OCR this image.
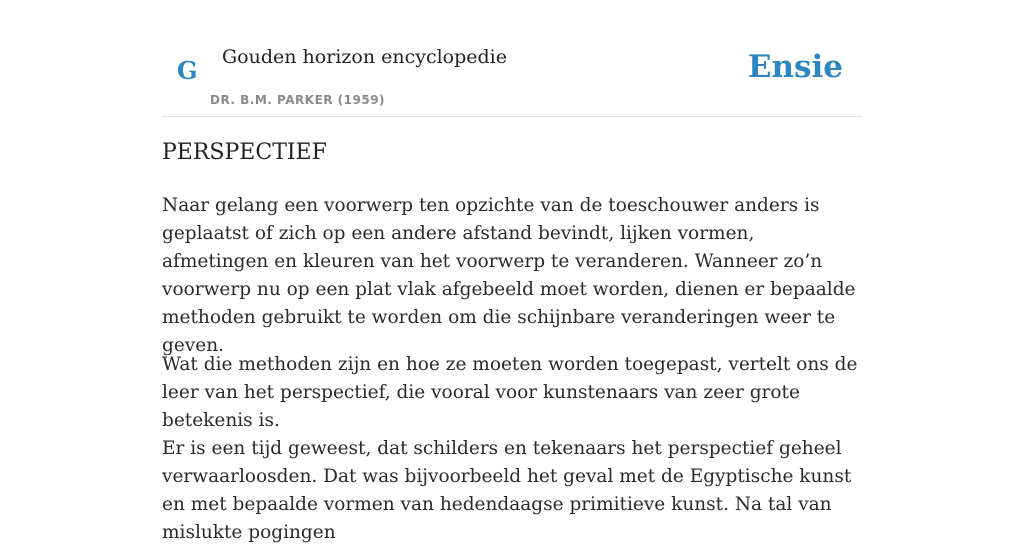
G Gouden horizon encyclopedie
DR. B.M. PARKER (1959)
Ensie
PERSPECTIEF

Naar gelang een voorwerp ten opzichte van de toeschouwer anders is geplaatst of zich op een andere afstand bevindt, lijken vormen, afmetingen en kleuren van het voorwerp te veranderen. Wanneer zo’n voorwerp nu op een plat vlak afgebeeld moet worden, dienen er bepaalde methoden gebruikt te worden om die schijnbare veranderingen weer te geven.

Wat die methoden zijn en hoe ze moeten worden toegepast, vertelt ons de leer van het perspectief, die vooral voor kunstenaars van zeer grote betekenis is.

Er is een tijd geweest, dat schilders en tekenaars het perspectief geheel verwaarloosden. Dat was bijvoorbeeld het geval met de Egyptische kunst en met bepaalde vormen van hedendaagse primitieve kunst. Na tal van mislukte pogingen
